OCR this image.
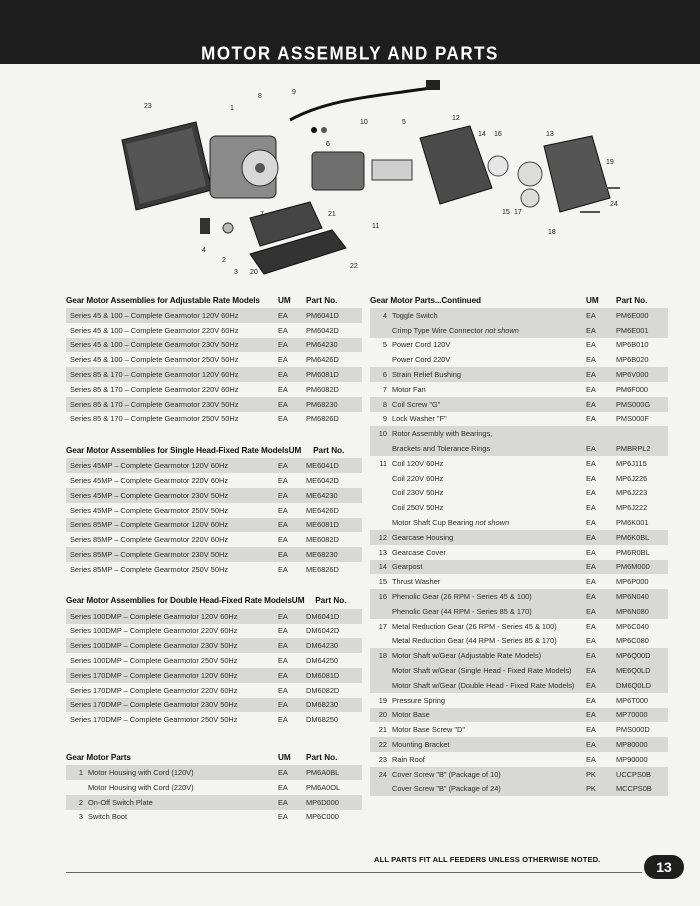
MOTOR ASSEMBLY AND PARTS
23	1
8
9
10	5
12
14 16	13
19
6
7	21
11
15 17
18
24
4
2
3 20
22
Gear Motor Assemblies for Adjustable Rate Models	UM	Part No.
Series 45 & 100 – Complete Gearmotor 120V 60Hz	EA	PM6041D
Series 45 & 100 – Complete Gearmotor 220V 60Hz	EA	PM6042D
Series 45 & 100 – Complete Gearmotor 230V 50Hz	EA	PM64230
Series 45 & 100 – Complete Gearmotor 250V 50Hz	EA	PM6426D
Series 85 & 170 – Complete Gearmotor 120V 60Hz	EA	PM6081D
Series 85 & 170 – Complete Gearmotor 220V 60Hz	EA	PM6082D
Series 85 & 170 – Complete Gearmotor 230V 50Hz	EA	PM68230
Series 85 & 170 – Complete Gearmotor 250V 50Hz	EA	PM6826D
Gear Motor Assemblies for Single Head-Fixed Rate Models UM	Part No.
Series 45MP – Complete Gearmotor 120V 60Hz	EA	ME6041D
Series 45MP – Complete Gearmotor 220V 60Hz	EA	ME6042D
Series 45MP – Complete Gearmotor 230V 50Hz	EA	ME64230
Series 45MP – Complete Gearmotor 250V 50Hz	EA	ME6426D
Series 85MP – Complete Gearmotor 120V 60Hz	EA	ME6081D
Series 85MP – Complete Gearmotor 220V 60Hz	EA	ME6082D
Series 85MP – Complete Gearmotor 230V 50Hz	EA	ME68230
Series 85MP – Complete Gearmotor 250V 50Hz	EA	ME6826D
Gear Motor Assemblies for Double Head-Fixed Rate Models UM	Part No.
Series 100DMP – Complete Gearmotor 120V 60Hz	EA	DM6041D
Series 100DMP – Complete Gearmotor 220V 60Hz	EA	DM6042D
Series 100DMP – Complete Gearmotor 230V 50Hz	EA	DM64230
Series 100DMP – Complete Gearmotor 250V 50Hz	EA	DM64250
Series 170DMP – Complete Gearmotor 120V 60Hz	EA	DM6081D
Series 170DMP – Complete Gearmotor 220V 60Hz	EA	DM6082D
Series 170DMP – Complete Gearmotor 230V 50Hz	EA	DM68230
Series 170DMP – Complete Gearmotor 250V 50Hz	EA	DM68250
Gear Motor Parts	UM	Part No.
1 Motor Housing with Cord (120V)	EA	PM6A0BL
Motor Housing with Cord (220V)	EA	PM6A0OL
2 On-Off Switch Plate	EA	MP6D000
3 Switch Boot	EA	MP6C000
Gear Motor Parts...Continued	UM	Part No.
4 Toggle Switch	EA	PM6E000
Crimp Type Wire Connector not shown	EA	PM6E001
5 Power Cord 120V	EA	MP6B010
Power Cord 220V	EA	MP6B020
6 Strain Relief Bushing	EA	MP6V000
7 Motor Fan	EA	PM6F000
8 Coil Screw "G"	EA	PMS000G
9 Lock Washer "F"	EA	PMS000F
10 Rotor Assembly with Bearings,
Brackets and Tolerance Rings	EA	PMBRPL2
11 Coil 120V 60Hz	EA	MP6J115
Coil 220V 60Hz	EA	MP6J226
Coil 230V 50Hz	EA	MP6J223
Coil 250V 50Hz	EA	MP6J222
Motor Shaft Cup Bearing not shown	EA	PM6K001
12 Gearcase Housing	EA	PM6K0BL
13 Gearcase Cover	EA	PM6R0BL
14 Gearpost	EA	PM6M000
15 Thrust Washer	EA	MP6P000
16 Phenolic Gear (26 RPM - Series 45 & 100)	EA	MP6N040
Phenolic Gear (44 RPM - Series 85 & 170)	EA	MP6N080
17 Metal Reduction Gear (26 RPM - Series 45 & 100)	EA	MP6C040
Metal Reduction Gear (44 RPM - Series 85 & 170)	EA	MP6C080
18 Motor Shaft w/Gear (Adjustable Rate Models)	EA	MP6Q00D
Motor Shaft w/Gear (Single Head - Fixed Rate Models)	EA	ME6Q0LD
Motor Shaft w/Gear (Double Head - Fixed Rate Models)	EA	DM6Q0LD
19 Pressure Spring	EA	MP6T000
20 Motor Base	EA	MP70000
21 Motor Base Screw "D"	EA	PMS000D
22 Mounting Bracket	EA	MP80000
23 Rain Roof	EA	MP90000
24 Cover Screw "B" (Package of 10)	PK	UCCPS0B
Cover Screw "B" (Package of 24)	PK	MCCPS0B
ALL PARTS FIT ALL FEEDERS UNLESS OTHERWISE NOTED.	13
